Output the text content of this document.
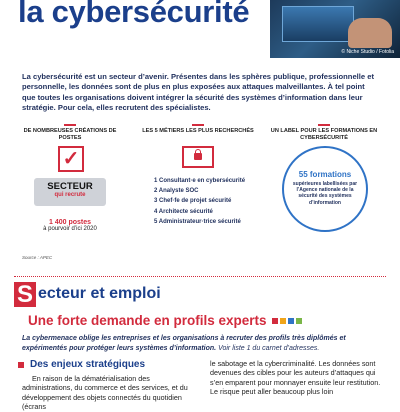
© Niche Studio / Fotolia
la cybersécurité

La cybersécurité est un secteur d’avenir. Présentes dans les sphères publique, professionnelle et personnelle, les données sont de plus en plus exposées aux attaques malveillantes. À tel point que toutes les organisations doivent intégrer la sécurité des systèmes d’information dans leur stratégie. Pour cela, elles recrutent des spécialistes.

DE NOMBREUSES CRÉATIONS DE POSTES
✓
SECTEUR
qui recrute
1 400 postes
à pourvoir d’ici 2020
LES 5 MÉTIERS LES PLUS RECHERCHÉS
1 Consultant·e en cybersécurité
2 Analyste SOC
3 Chef·fe de projet sécurité
4 Architecte sécurité
5 Administrateur·trice sécurité
UN LABEL POUR LES FORMATIONS EN CYBERSÉCURITÉ
55 formations
supérieures labellisées par l’Agence nationale de la sécurité des systèmes d’information
Source : APEC
S ecteur et emploi
Une forte demande en profils experts

La cybermenace oblige les entreprises et les organisations à recruter des profils très diplômés et expérimentés pour protéger leurs systèmes d’information. Voir liste 1 du carnet d’adresses.

Des enjeux stratégiques

En raison de la dématérialisation des administrations, du commerce et des services, et du développement des objets connectés du quotidien (écrans

le sabotage et la cybercriminalité. Les données sont devenues des cibles pour les auteurs d’attaques qui s’en emparent pour monnayer ensuite leur restitution. Le risque peut aller beaucoup plus loin
